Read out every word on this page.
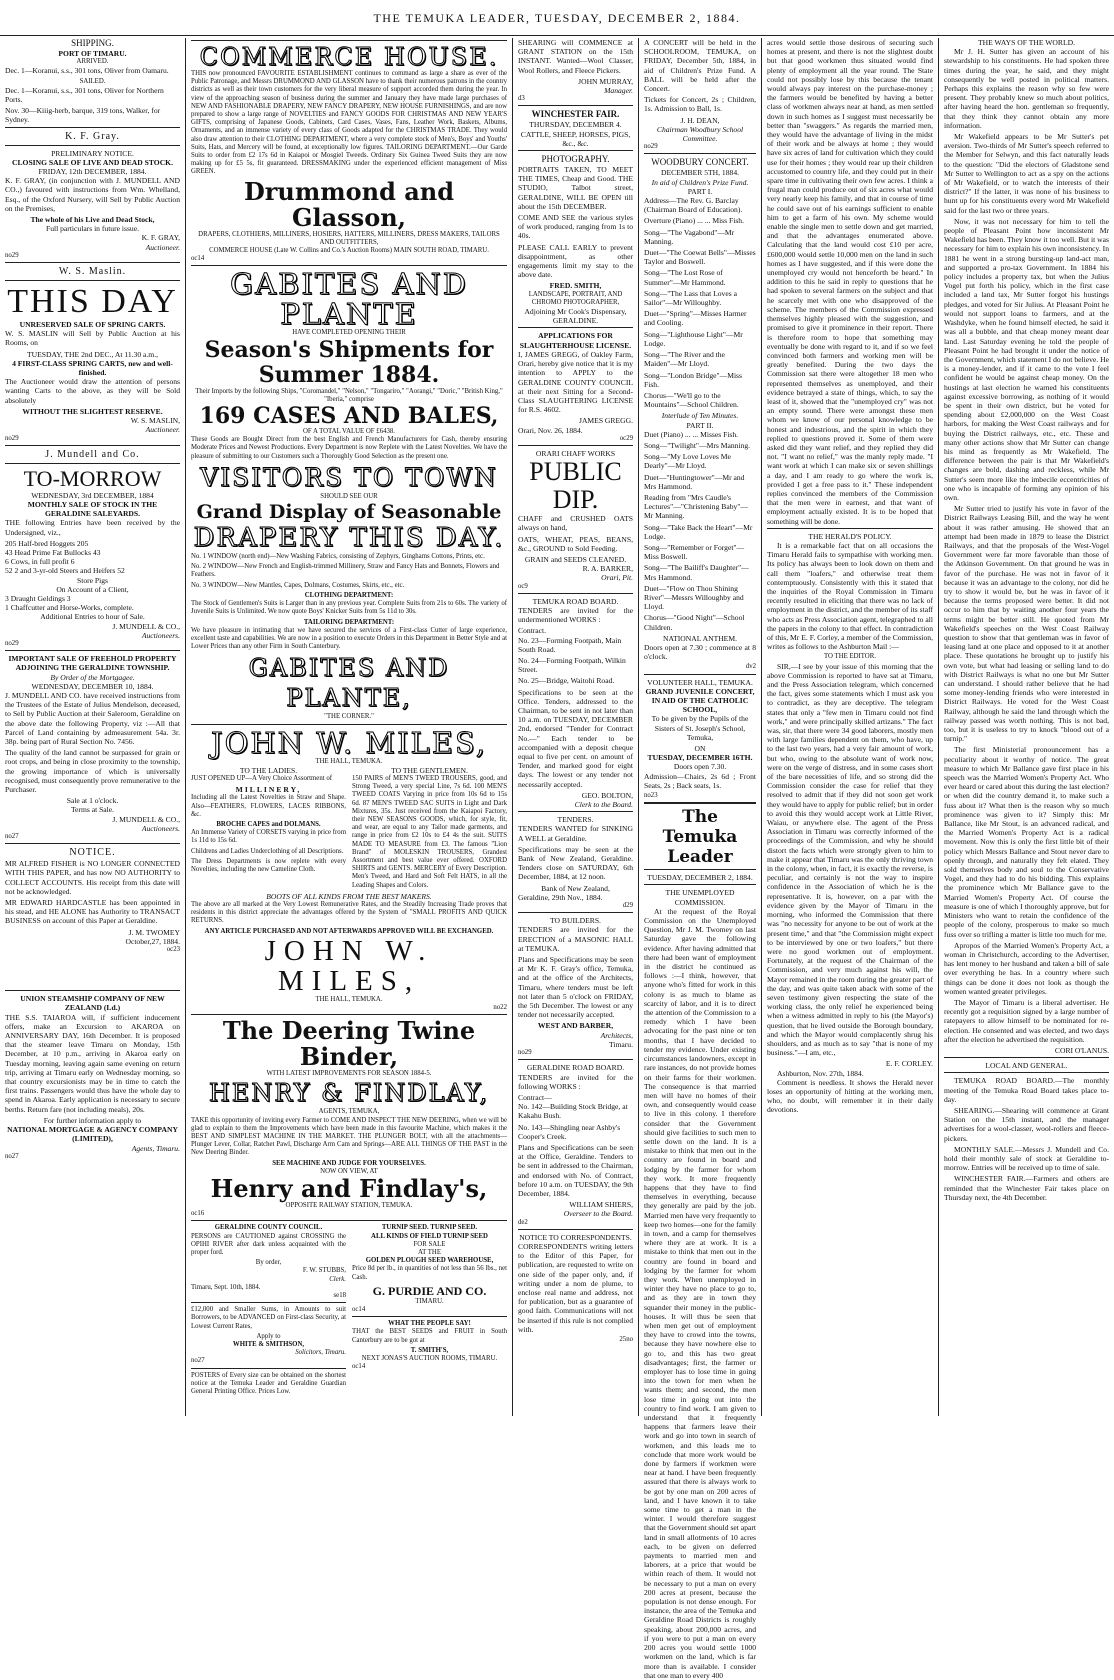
THE TEMUKA LEADER, TUESDAY, DECEMBER 2, 1884.
SHIPPING.
PORT OF TIMARU.
ARRIVED.

Dec. 1—Koranui, s.s., 301 tons, Oliver from Oamaru.

SAILED.

Dec. 1—Koranui, s.s., 301 tons, Oliver for Northern Ports.

Nov. 30—Kiiig-herb, barque, 319 tons, Walker, for Sydney.

K. F. Gray.
PRELIMINARY NOTICE.
CLOSING SALE OF LIVE AND DEAD STOCK.
FRIDAY, 12th DECEMBER, 1884.

K. F. GRAY, (in conjunction with J. MUNDELL AND CO.,) favoured with instructions from Wm. Whelland, Esq., of the Oxford Nursery, will Sell by Public Auction on the Premises,

The whole of his Live and Dead Stock,
Full particulars in future issue.
K. F. GRAY,
Auctioneer.
no29
W. S. Maslin.
THIS DAY
UNRESERVED SALE OF SPRING CARTS.

W. S. MASLIN will Sell by Public Auction at his Rooms, on

TUESDAY, THE 2nd DEC., At 11.30 a.m.,
4 FIRST-CLASS SPRING CARTS, new and well-finished.

The Auctioneer would draw the attention of persons wanting Carts to the above, as they will be Sold absolutely

WITHOUT THE SLIGHTEST RESERVE.
W. S. MASLIN,
Auctioneer.
no29
J. Mundell and Co.
TO-MORROW
WEDNESDAY, 3rd DECEMBER, 1884
MONTHLY SALE OF STOCK IN THE GERALDINE SALEYARDS.

THE following Entries have been received by the Undersigned, viz.,

205 Half-bred Hoggets 205
43 Head Prime Fat Bullocks 43
6 Cows, in full profit 6
52 2 and 3-yr-old Steers and Heifers 52
Store Pigs
On Account of a Client,
3 Draught Geldings 3
1 Chaffcutter and Horse-Works, complete.
Additional Entries to hour of Sale.
J. MUNDELL & CO.,
Auctioneers.
no29
IMPORTANT SALE OF FREEHOLD PROPERTY ADJOINING THE GERALDINE TOWNSHIP.
By Order of the Mortgagee.
WEDNESDAY, DECEMBER 10, 1884.

J. MUNDELL AND CO. have received instructions from the Trustees of the Estate of Julius Mendelson, deceased, to Sell by Public Auction at their Saleroom, Geraldine on the above date the following Property, viz :—All that Parcel of Land containing by admeasurement 54a. 3r. 38p. being part of Rural Section No. 7456.

The quality of the land cannot be surpassed for grain or root crops, and being in close proximity to the township, the growing importance of which is universally recognised, must consequently prove remunerative to the Purchaser.

Sale at 1 o'clock.
Terms at Sale.
J. MUNDELL & CO.,
Auctioneers.
no27
NOTICE.

MR ALFRED FISHER is NO LONGER CONNECTED WITH THIS PAPER, and has now NO AUTHORITY to COLLECT ACCOUNTS. His receipt from this date will not be acknowledged.

MR EDWARD HARDCASTLE has been appointed in his stead, and HE ALONE has Authority to TRANSACT BUSINESS on account of this Paper at Geraldine.

J. M. TWOMEY
October,27, 1884.
oc23
UNION STEAMSHIP COMPANY OF NEW ZEALAND (Ld.)

THE S.S. TAIAROA will, if sufficient inducement offers, make an Excursion to AKAROA on ANNIVERSARY DAY, 16th December. It is proposed that the steamer leave Timaru on Monday, 15th December, at 10 p.m., arriving in Akaroa early on Tuesday morning, leaving again same evening on return trip, arriving at Timaru early on Wednesday morning, so that country excursionists may be in time to catch the first trains. Passengers would thus have the whole day to spend in Akaroa. Early application is necessary to secure berths. Return fare (not including meals), 20s.

For further information apply to
NATIONAL MORTGAGE & AGENCY COMPANY (LIMITED),
Agents, Timaru.
no27
COMMERCE HOUSE.

THIS now pronounced FAVOURITE ESTABLISHMENT continues to command as large a share as ever of the Public Patronage, and Messrs DRUMMOND AND GLASSON have to thank their numerous patrons in the country districts as well as their town customers for the very liberal measure of support accorded them during the year. In view of the approaching season of business during the summer and January they have made large purchases of NEW AND FASHIONABLE DRAPERY, NEW FANCY DRAPERY, NEW HOUSE FURNISHINGS, and are now prepared to show a large range of NOVELTIES and FANCY GOODS FOR CHRISTMAS AND NEW YEAR'S GIFTS, comprising of Japanese Goods, Cabinets, Card Cases, Vases, Fans, Leather Work, Baskets, Albums, Ornaments, and an immense variety of every class of Goods adapted for the CHRISTMAS TRADE. They would also draw attention to their CLOTHING DEPARTMENT, where a very complete stock of Men's, Boys' and Youths' Suits, Hats, and Mercery will be found, at exceptionally low figures. TAILORING DEPARTMENT.—Our Garde Suits to order from £2 17s 6d in Kaiapoi or Mosgiel Tweeds. Ordinary Six Guinea Tweed Suits they are now making up for £5 5s, fit guaranteed. DRESSMAKING under the experienced efficient management of Miss GREEN.

Drummond and Glasson,
DRAPERS, CLOTHIERS, MILLINERS, HOSIERS, HATTERS, MILLINERS, DRESS MAKERS, TAILORS AND OUTFITTERS,
COMMERCE HOUSE (Late W. Collins and Co.'s Auction Rooms) MAIN SOUTH ROAD, TIMARU.
oc14
GABITES AND PLANTE
HAVE COMPLETED OPENING THEIR
Season's Shipments for Summer 1884.
Their Imports by the following Ships, "Coromandel," "Nelson," "Tongariro," "Aorangi," "Doric," "British King," "Iberia," comprise
169 CASES AND BALES,
OF A TOTAL VALUE OF £6438.

These Goods are Bought Direct from the best English and French Manufacturers for Cash, thereby ensuring Moderate Prices and Newest Productions. Every Department is now Replete with the Latest Novelties. We have the pleasure of submitting to our Customers such a Thoroughly Good Selection as the present one.

VISITORS TO TOWN
SHOULD SEE OUR
Grand Display of Seasonable
DRAPERY THIS DAY.

No. 1 WINDOW (north end)—New Washing Fabrics, consisting of Zephyrs, Ginghams Cottons, Prints, etc.

No. 2 WINDOW—New French and English-trimmed Millinery, Straw and Fancy Hats and Bonnets, Flowers and Feathers.

No. 3 WINDOW—New Mantles, Capes, Dolmans, Costumes, Skirts, etc., etc.

CLOTHING DEPARTMENT:

The Stock of Gentlemen's Suits is Larger than in any previous year. Complete Suits from 21s to 60s. The variety of Juvenile Suits is Unlimited. We now quote Boys' Knicker Suits from 5s 11d to 30s.

TAILORING DEPARTMENT:

We have pleasure in intimating that we have secured the services of a First-class Cutter of large experience, excellent taste and capabilities. We are now in a position to execute Orders in this Department in Better Style and at Lower Prices than any other Firm in South Canterbury.

GABITES AND PLANTE,
"THE CORNER."
JOHN W. MILES,
THE HALL, TEMUKA.
TO THE LADIES.

JUST OPENED UP—A Very Choice Assortment of

MILLINERY,

Including all the Latest Novelties in Straw and Shape. Also—FEATHERS, FLOWERS, LACES RIBBONS, &c.

BROCHE CAPES and DOLMANS.

An Immense Variety of CORSETS varying in price from 1s 11d to 15s 6d.

Childrens and Ladies Underclothing of all Descriptions.

The Dress Departments is now replete with every Novelties, including the new Cameline Cloth.

TO THE GENTLEMEN.

150 PAIRS of MEN'S TWEED TROUSERS, good, and Strong Tweed, a very special Line, 7s 6d. 100 MEN'S TWEED COATS Varying in price from 10s 6d to 15s 6d. 87 MEN'S TWEED SAC SUITS in Light and Dark Mixtures, 35s. Just received from the Kaiapoi Factory, their NEW SEASONS GOODS, which, for style, fit, and wear, are equal to any Tailor made garments, and range in price from £2 10s to £4 4s the suit. SUITS MADE TO MEASURE from £3. The famous "Lion Brand" of MOLESKIN TROUSERS, Grandest Assortment and best value ever offered. OXFORD SHIRTS and GENTS. MERCERY of Every Description. Men's Tweed, and Hard and Soft Felt HATS, in all the Leading Shapes and Colors.

BOOTS OF ALL KINDS FROM THE BEST MAKERS.

The above are all marked at the Very Lowest Remunerative Rates, and the Steadily Increasing Trade proves that residents in this district appreciate the advantages offered by the System of "SMALL PROFITS AND QUICK RETURNS.

ANY ARTICLE PURCHASED AND NOT AFTERWARDS APPROVED WILL BE EXCHANGED.
JOHN W. MILES,
THE HALL, TEMUKA.
no22
The Deering Twine Binder,
WITH LATEST IMPROVEMENTS FOR SEASON 1884-5.
HENRY & FINDLAY,
AGENTS, TEMUKA,

TAKE this opportunity of inviting every Farmer to COME AND INSPECT THE NEW DEERING, when we will be glad to explain to them the Improvements which have been made in this favourite Machine, which makes it the BEST AND SIMPLEST MACHINE IN THE MARKET. THE PLUNGER BOLT, with all the attachments—Plunger Lever, Collar, Ratchet Pawl, Discharge Arm Cam and Springs—ARE ALL THINGS OF THE PAST in the New Deering Binder.

SEE MACHINE AND JUDGE FOR YOURSELVES.
NOW ON VIEW, AT
Henry and Findlay's,
OPPOSITE RAILWAY STATION, TEMUKA.
oc16
GERALDINE COUNTY COUNCIL.

PERSONS are CAUTIONED against CROSSING the OPIHI RIVER after dark unless acquainted with the proper ford.

By order,
F. W. STUBBS,
Clerk.
Timaru, Sept. 10th, 1884.
se18

£12,000 and Smaller Sums, in Amounts to suit Borrowers, to be ADVANCED on First-class Security, at Lowest Current Rates,

Apply to
WHITE & SMITHSON,
Solicitors, Timaru.
no27

POSTERS of Every size can be obtained on the shortest notice at the Temuka Leader and Geraldine Guardian General Printing Office. Prices Low.

TURNIP SEED. TURNIP SEED.
ALL KINDS OF FIELD TURNIP SEED
FOR SALE
AT THE
GOLDEN PLOUGH SEED WAREHOUSE,

Price 8d per lb., in quantities of not less than 56 lbs., net Cash.

G. PURDIE AND CO.
TIMARU.
oc14
WHAT THE PEOPLE SAY!

THAT the BEST SEEDS and FRUIT in South Canterbury are to be got at

T. SMITH'S,
NEXT JONAS'S AUCTION ROOMS, TIMARU.
oc14

SHEARING will COMMENCE at GRANT STATION on the 15th INSTANT. Wanted—Wool Classer, Wool Rollers, and Fleece Pickers.

JOHN MURRAY,
Manager.
d3
WINCHESTER FAIR.
THURSDAY, DECEMBER 4.
CATTLE, SHEEP, HORSES, PIGS, &c., &c.
PHOTOGRAPHY.

PORTRAITS TAKEN, TO MEET THE TIMES, Cheap and Good. THE STUDIO, Talbot street, GERALDINE, WILL BE OPEN till about the 15th DECEMBER.

COME AND SEE the various styles of work produced, ranging from 1s to 40s.

PLEASE CALL EARLY to prevent disappointment, as other engagements limit my stay to the above date.

FRED. SMITH,
LANDSCAPE, PORTRAIT, AND CHROMO PHOTOGRAPHER,
Adjoining Mr Cook's Dispensary, GERALDINE.
APPLICATIONS FOR SLAUGHTERHOUSE LICENSE.

I, JAMES GREGG, of Oakley Farm, Orari, hereby give notice that it is my intention to APPLY to the GERALDINE COUNTY COUNCIL at their next Sitting for a Second-Class SLAUGHTERING LICENSE for R.S. 4602.

JAMES GREGG.
Orari, Nov. 26, 1884.
oc29
ORARI CHAFF WORKS
PUBLIC DIP.

CHAFF and CRUSHED OATS always on hand,

OATS, WHEAT, PEAS, BEANS, &c., GROUND to Sold Feeding.

GRAIN and SEEDS CLEANED.
R. A. BARKER,
Orari, Pit.
oc9
TEMUKA ROAD BOARD.

TENDERS are invited for the undermentioned WORKS :

Contract.

No. 23—Forming Footpath, Main South Road.

No. 24—Forming Footpath, Wilkin Street.

No. 25—Bridge, Waitohi Road.

Specifications to be seen at the Office. Tenders, addressed to the Chairman, to be sent in not later than 10 a.m. on TUESDAY, DECEMBER 2nd, endorsed "Tender for Contract No.—" Each tender to be accompanied with a deposit cheque equal to five per cent. on amount of Tender, and marked good for eight days. The lowest or any tender not necessarily accepted.

GEO. BOLTON,
Clerk to the Board.
TENDERS.

TENDERS WANTED for SINKING A WELL at Geraldine.

Specifications may be seen at the Bank of New Zealand, Geraldine. Tenders close on SATURDAY, 6th December, 1884, at 12 noon.

Bank of New Zealand,
Geraldine, 29th Nov., 1884.
d29
TO BUILDERS.

TENDERS are invited for the ERECTION of a MASONIC HALL at TEMUKA.

Plans and Specifications may be seen at Mr K. F. Gray's office, Temuka, and at the office of the Architects, Timaru, where tenders must be left not later than 5 o'clock on FRIDAY, the 5th December. The lowest or any tender not necessarily accepted.

WEST AND BARBER,
Architects,
Timaru.
no29
GERALDINE ROAD BOARD.

TENDERS are invited for the following WORKS :

Contract—

No. 142—Building Stock Bridge, at Kakahu Bush.

No. 143—Shingling near Ashby's Cooper's Creek.

Plans and Specifications can be seen at the Office, Geraldine. Tenders to be sent in addressed to the Chairman, and endorsed with No. of Contract, before 10 a.m. on TUESDAY, the 9th December, 1884.

WILLIAM SHIERS,
Overseer to the Board.
de2
NOTICE TO CORRESPONDENTS.

CORRESPONDENTS writing letters to the Editor of this Paper, for publication, are requested to write on one side of the paper only, and, if writing under a nom de plume, to enclose real name and address, not for publication, but as a guarantee of good faith. Communications will not be inserted if this rule is not complied with.

25no

A CONCERT will be held in the SCHOOLROOM, TEMUKA, on FRIDAY, December 5th, 1884, in aid of Children's Prize Fund. A BALL will be held after the Concert.

Tickets for Concert, 2s ; Children, 1s. Admission to Ball, 1s.

J. H. DEAN,
Chairman Woodbury School Committee.
no29
WOODBURY CONCERT.
DECEMBER 5TH, 1884.
In aid of Children's Prize Fund.
PART I.

Address—The Rev. G. Barclay (Chairman Board of Education).

Overture (Piano) ... ... Miss Fish.

Song—"The Vagabond"—Mr Manning.

Duet—"The Coewat Bells"—Misses Taylor and Boswell.

Song—"The Lost Rose of Summer"—Mr Hammond.

Song—"The Lass that Loves a Sailor"—Mr Willoughby.

Duet—"Spring"—Misses Harmer and Cooling.

Song—"Lighthouse Light"—Mr Lodge.

Song—"The River and the Maiden"—Mr Lloyd.

Song—"London Bridge"—Miss Fish.

Chorus—"We'll go to the Mountains"—School Children.

Interlude of Ten Minutes.
PART II.

Duet (Piano) ... ... Misses Fish.

Song—"Twilight"—Mrs Manning.

Song—"My Love Loves Me Dearly"—Mr Lloyd.

Duet—"Huntingtower"—Mr and Mrs Hammond.

Reading from "Mrs Caudle's Lectures"—"Christening Baby"—Mr Manning.

Song—"Take Back the Heart"—Mr Lodge.

Song—"Remember or Forget"—Miss Boswell.

Song—"The Bailiff's Daughter"—Mrs Hammond.

Duet—"Flow on Thou Shining River"—Messrs Willoughby and Lloyd.

Chorus—"Good Night"—School Children.

NATIONAL ANTHEM.

Doors open at 7.30 ; commence at 8 o'clock.

dv2
VOLUNTEER HALL, TEMUKA.
GRAND JUVENILE CONCERT, IN AID OF THE CATHOLIC SCHOOL,

To be given by the Pupils of the Sisters of St. Joseph's School, Temuka,

ON
TUESDAY, DECEMBER 16TH.
Doors open 7.30.

Admission—Chairs, 2s 6d ; Front Seats, 2s ; Back seats, 1s.

no23
The Temuka Leader
TUESDAY, DECEMBER 2, 1884.
THE UNEMPLOYED COMMISSION.

At the request of the Royal Commission on the Unemployed Question, Mr J. M. Twomey on last Saturday gave the following evidence. After having admitted that there had been want of employment in the district he continued as follows :—I think, however, that anyone who's fitted for work in this colony is as much to blame as scarcity of labor, and it is to direct the attention of the Commission to a remedy which I have been advocating for the past nine or ten months, that I have decided to tender my evidence. Under existing circumstances landowners, except in rare instances, do not provide homes on their farms for their workmen. The consequence is that married men will have no homes of their own, and consequently would cease to live in this colony. I therefore consider that the Government should give facilities to such men to settle down on the land. It is a mistake to think that men out in the country are found in board and lodging by the farmer for whom they work. It more frequently happens that they have to find themselves in everything, because they generally are paid by the job. Married men have very frequently to keep two homes—one for the family in town, and a camp for themselves where they are at work. It is a mistake to think that men out in the country are found in board and lodging by the farmer for whom they work. When unemployed in winter they have no place to go to, and as they are in town they squander their money in the public-houses. It will thus be seen that when men get out of employment they have to crowd into the towns, because they have nowhere else to go to, and this has two great disadvantages; first, the farmer or employer has to lose time in going into the town for men when he wants them; and second, the men lose time in going out into the country to find work. I am given to understand that it frequently happens that farmers leave their work and go into town in search of workmen, and this leads me to conclude that more work would be done by farmers if workmen were near at hand. I have been frequently assured that there is always work to be got by one man on 200 acres of land, and I have known it to take some time to get a man in the winter. I would therefore suggest that the Government should set apart land in small allotments of 10 acres each, to be given on deferred payments to married men and laborers, at a price that would be within reach of them. It would not be necessary to put a man on every 200 acres at present, because the population is not dense enough. For instance, the area of the Temuka and Geraldine Road Districts is roughly speaking, about 200,000 acres, and if you were to put a man on every 200 acres you would settle 1000 workmen on the land, which is far more than is available. I consider that one man to every 400

acres would settle those desirous of securing such homes at present, and there is not the slightest doubt but that good workmen thus situated would find plenty of employment all the year round. The State could not possibly lose by this because the tenant would always pay interest on the purchase-money ; the farmers would be benefited by having a better class of workmen always near at hand, as men settled down in such homes as I suggest must necessarily be better than "swaggers." As regards the married men, they would have the advantage of living in the midst of their work and be always at home ; they would have six acres of land for cultivation which they could use for their homes ; they would rear up their children accustomed to country life, and they could put in their spare time in cultivating their own few acres. I think a frugal man could produce out of six acres what would very nearly keep his family, and that in course of time he could save out of his earnings sufficient to enable him to get a farm of his own. My scheme would enable the single men to settle down and get married, and that the advantages enumerated above. Calculating that the land would cost £10 per acre, £600,000 would settle 10,000 men on the land in such homes as I have suggested, and if this were done the unemployed cry would not henceforth be heard." In addition to this he said in reply to questions that he had spoken to several farmers on the subject and that he scarcely met with one who disapproved of the scheme. The members of the Commission expressed themselves highly pleased with the suggestion, and promised to give it prominence in their report. There is therefore room to hope that something may eventually be done with regard to it, and if so we feel convinced both farmers and working men will be greatly benefited. During the two days the Commission sat there were altogether 18 men who represented themselves as unemployed, and their evidence betrayed a state of things, which, to say the least of it, showed that the "unemployed cry" was not an empty sound. There were amongst these men whom we know of our personal knowledge to be honest and industrious, and the spirit in which they replied to questions proved it. Some of them were asked did they want relief, and they replied they did not. "I want no relief," was the manly reply made. "I want work at which I can make six or seven shillings a day, and I am ready to go where the work is, provided I get a free pass to it." These independent replies convinced the members of the Commission that the men were in earnest, and that want of employment actually existed. It is to be hoped that something will be done.

THE HERALD'S POLICY.

It is a remarkable fact that on all occasions the Timaru Herald fails to sympathise with working men. Its policy has always been to look down on them and call them "loafers," and otherwise treat them contemptuously. Consistently with this it stated that the inquiries of the Royal Commission in Timaru recently resulted in eliciting that there was no lack of employment in the district, and the member of its staff who acts as Press Association agent, telegraphed to all the papers in the colony to that effect. In contradiction of this, Mr E. F. Corley, a member of the Commission, writes as follows to the Ashburton Mail :—

TO THE EDITOR.

SIR,—I see by your issue of this morning that the above Commission is reported to have sat at Timaru, and the Press Association telegram, which concerned the fact, gives some statements which I must ask you to contradict, as they are deceptive. The telegram states that only a "few men in Timaru could not find work," and were principally skilled artizans." The fact was, sir, that there were 34 good laborers, mostly men with large families dependent on them, who have, up to the last two years, had a very fair amount of work, but who, owing to the absolute want of work now, were on the verge of distress, and in some cases short of the bare necessities of life, and so strong did the Commission consider the case for relief that they resolved to admit that if they did not soon get work they would have to apply for public relief; but in order to avoid this they would accept work at Little River, Waiau, or anywhere else. The agent of the Press Association in Timaru was correctly informed of the proceedings of the Commission, and why he should distort the facts which were strongly given to him to make it appear that Timaru was the only thriving town in the colony, when, in fact, it is exactly the reverse, is peculiar, and certainly is not the way to inspire confidence in the Association of which he is the representative. It is, however, on a par with the evidence given by the Mayor of Timaru in the morning, who informed the Commission that there was "no necessity for anyone to be out of work at the present time," and that "the Commission might expect to be interviewed by one or two loafers," but there were no good workmen out of employment. Fortunately, at the request of the Chairman of the Commission, and very much against his will, the Mayor remained in the room during the greater part of the day, and was quite taken aback with some of the seven testimony given respecting the state of the working class, the only relief he experienced being when a witness admitted in reply to his (the Mayor's) question, that he lived outside the Borough boundary, and which the Mayor would complacently shrug his shoulders, and as much as to say "that is none of my business."—I am, etc.,

E. F. CORLEY.
Ashburton, Nov. 27th, 1884.

Comment is needless. It shows the Herald never loses an opportunity of hitting at the working men, who, no doubt, will remember it in their daily devotions.

THE WAYS OF THE WORLD.

Mr J. H. Sutter has given an account of his stewardship to his constituents. He had spoken three times during the year, he said, and they might consequently be well posted in political matters. Perhaps this explains the reason why so few were present. They probably knew so much about politics, after having heard the hon. gentleman so frequently, that they think they cannot obtain any more information.

Mr Wakefield appears to be Mr Sutter's pet aversion. Two-thirds of Mr Sutter's speech referred to the Member for Selwyn, and this fact naturally leads to the question: "Did the electors of Gladstone send Mr Sutter to Wellington to act as a spy on the actions of Mr Wakefield, or to watch the interests of their district?" If the latter, it was none of his business to hunt up for his constituents every word Mr Wakefield said for the last two or three years.

Now, it was not necessary for him to tell the people of Pleasant Point how inconsistent Mr Wakefield has been. They know it too well. But it was necessary for him to explain his own inconsistency. In 1881 he went in a strong bursting-up land-act man, and supported a pro-tax Government. In 1884 his policy includes a property tax, but when the Julius Vogel put forth his policy, which in the first case included a land tax, Mr Sutter forgot his hustings pledges, and voted for Sir Julius. At Pleasant Point he would not support loans to farmers, and at the Washdyke, when he found himself elected, he said it was all a bubble, and that cheap money meant dear land. Last Saturday evening he told the people of Pleasant Point he had brought it under the notice of the Government, which statement I do not believe. He is a money-lender, and if it came to the vote I feel confident he would be against cheap money. On the hustings at last election he warned his constituents against excessive borrowing, as nothing of it would be spent in their own district, but he voted for spending about £2,000,000 on the West Coast harbors, for making the West Coast railways and for buying the District railways, etc., etc. These and many other actions show that Mr Sutter can change his mind as frequently as Mr Wakefield. The difference between the pair is that Mr Wakefield's changes are bold, dashing and reckless, while Mr Sutter's seem more like the imbecile eccentricities of one who is incapable of forming any opinion of his own.

Mr Sutter tried to justify his vote in favor of the District Railways Leasing Bill, and the way he went about it was rather amusing. He showed that an attempt had been made in 1879 to lease the District Railways, and that the proposals of the West-Vogel Government were far more favorable than those of the Atkinson Government. On that ground he was in favor of the purchase. He was not in favor of it because it was an advantage to the colony, nor did he try to show it would be, but he was in favor of it because the terms proposed were better. It did not occur to him that by waiting another four years the terms might be better still. He quoted from Mr Wakefield's speeches on the West Coast Railway question to show that that gentleman was in favor of leasing land at one place and opposed to it at another place. These quotations he brought up to justify his own vote, but what had leasing or selling land to do with District Railways is what no one but Mr Sutter can understand. I should rather believe that he had some money-lending friends who were interested in District Railways. He voted for the West Coast Railway, although he said the land through which the railway passed was worth nothing. This is not bad, too, but it is useless to try to knock "blood out of a turnip."

The first Ministerial pronouncement has a peculiarity about it worthy of notice. The great measure to which Mr Ballance gave first place in his speech was the Married Women's Property Act. Who ever heard or cared about this during the last election? or when did the country demand it, to make such a fuss about it? What then is the reason why so much prominence was given to it? Simply this: Mr Ballance, like Mr Stout, is an advanced radical, and the Married Women's Property Act is a radical movement. Now this is only the first little bit of their policy which Messrs Ballance and Stout never dare to openly through, and naturally they felt elated. They sold themselves body and soul to the Conservative Vogel, and they had to do his bidding. This explains the prominence which Mr Ballance gave to the Married Women's Property Act. Of course the measure is one of which I thoroughly approve, but for Ministers who want to retain the confidence of the people of the colony, prosperous to make so much fuss over so trifling a matter is little too much for me.

Apropos of the Married Women's Property Act, a woman in Christchurch, according to the Advertiser, has lent money to her husband and taken a bill of sale over everything he has. In a country where such things can be done it does not look as though the women wanted greater privileges.

The Mayor of Timaru is a liberal advertiser. He recently got a requisition signed by a large number of ratepayers to allow himself to be nominated for re-election. He consented and was elected, and two days after the election he advertised the requisition.

CORI O'LANUS.
LOCAL AND GENERAL.

TEMUKA ROAD BOARD.—The monthly meeting of the Temuka Road Board takes place to-day.

SHEARING.—Shearing will commence at Grant Station on the 15th instant, and the manager advertises for a wool-classer, wool-rollers and fleece-pickers.

MONTHLY SALE.—Messrs J. Mundell and Co. hold their monthly sale of stock at Geraldine to-morrow. Entries will be received up to time of sale.

WINCHESTER FAIR.—Farmers and others are reminded that the Winchester Fair takes place on Thursday next, the 4th December.
